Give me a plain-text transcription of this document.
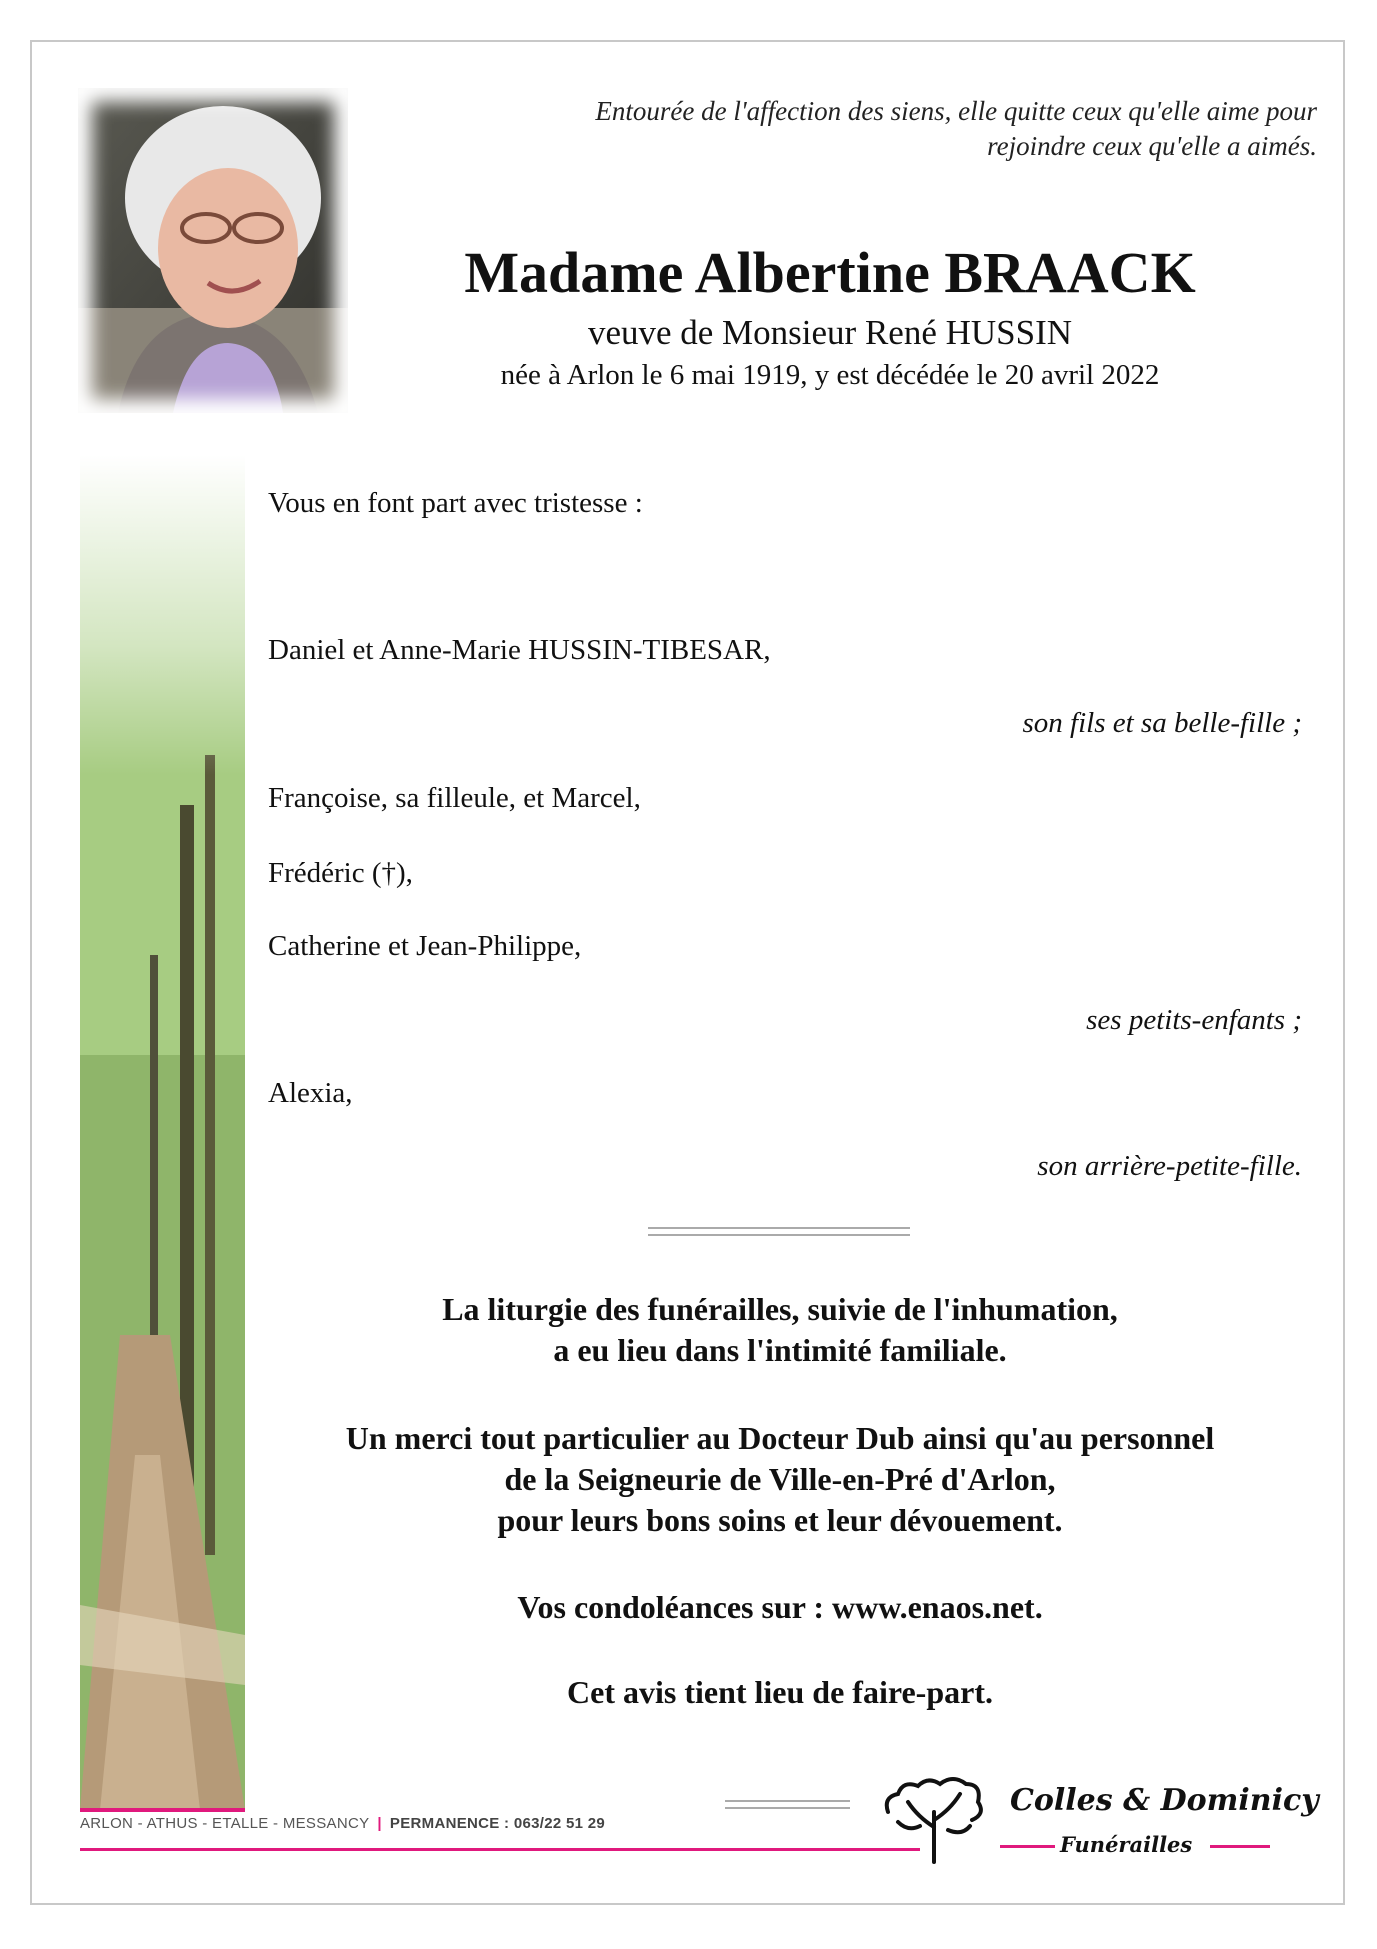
Entourée de l'affection des siens, elle quitte ceux qu'elle aime pour
rejoindre ceux qu'elle a aimés.
Madame Albertine BRAACK
veuve de Monsieur René HUSSIN
née à Arlon le 6 mai 1919, y est décédée le 20 avril 2022
Vous en font part avec tristesse :
Daniel et Anne-Marie HUSSIN-TIBESAR,
son fils et sa belle-fille ;
Françoise, sa filleule, et Marcel,
Frédéric (†),
Catherine et Jean-Philippe,
ses petits-enfants ;
Alexia,
son arrière-petite-fille.
La liturgie des funérailles, suivie de l'inhumation,
a eu lieu dans l'intimité familiale.
Un merci tout particulier au Docteur Dub ainsi qu'au personnel
de la Seigneurie de Ville-en-Pré d'Arlon,
pour leurs bons soins et leur dévouement.
Vos condoléances sur : www.enaos.net.
Cet avis tient lieu de faire-part.
ARLON - ATHUS - ETALLE - MESSANCY | PERMANENCE : 063/22 51 29
Colles & Dominicy
Funérailles
